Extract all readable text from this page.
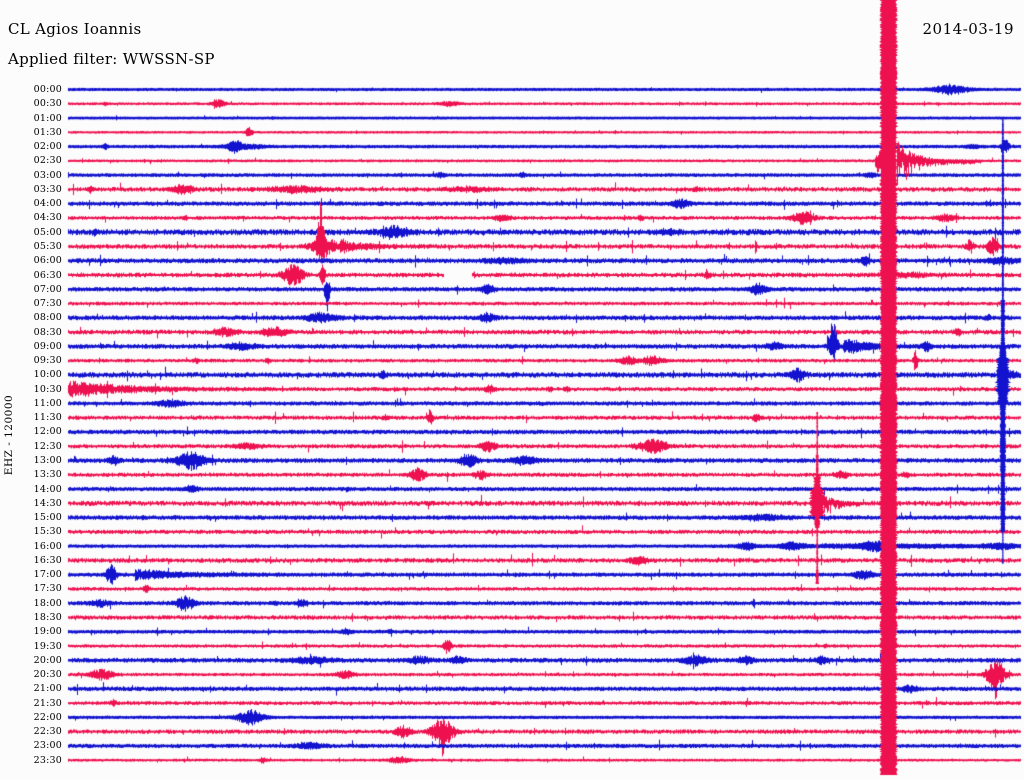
CL Agios Ioannis
Applied filter: WWSSN-SP
2014-03-19
EHZ - 120000
00:00
00:30
01:00
01:30
02:00
02:30
03:00
03:30
04:00
04:30
05:00
05:30
06:00
06:30
07:00
07:30
08:00
08:30
09:00
09:30
10:00
10:30
11:00
11:30
12:00
12:30
13:00
13:30
14:00
14:30
15:00
15:30
16:00
16:30
17:00
17:30
18:00
18:30
19:00
19:30
20:00
20:30
21:00
21:30
22:00
22:30
23:00
23:30
